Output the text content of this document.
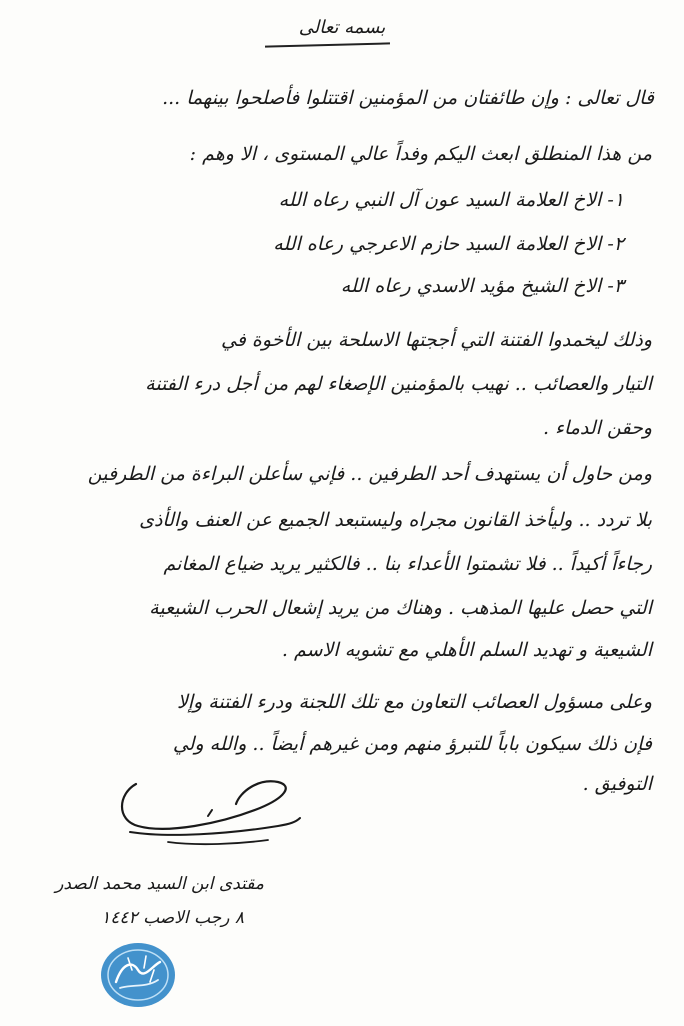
بسمه تعالى
قال تعالى : وإن طائفتان من المؤمنين اقتتلوا فأصلحوا بينهما ...
من هذا المنطلق ابعث اليكم وفداً عالي المستوى ، الا وهم :
١- الاخ العلامة السيد عون آل النبي رعاه الله
٢- الاخ العلامة السيد حازم الاعرجي رعاه الله
٣- الاخ الشيخ مؤيد الاسدي رعاه الله
وذلك ليخمدوا الفتنة التي أججتها الاسلحة بين الأخوة في
التيار والعصائب .. نهيب بالمؤمنين الإصغاء لهم من أجل درء الفتنة
وحقن الدماء .
ومن حاول أن يستهدف أحد الطرفين .. فإني سأعلن البراءة من الطرفين
بلا تردد .. وليأخذ القانون مجراه وليستبعد الجميع عن العنف والأذى
رجاءاً أكيداً .. فلا تشمتوا الأعداء بنا .. فالكثير يريد ضياع المغانم
التي حصل عليها المذهب . وهناك من يريد إشعال الحرب الشيعية
الشيعية و تهديد السلم الأهلي مع تشويه الاسم .
وعلى مسؤول العصائب التعاون مع تلك اللجنة ودرء الفتنة وإلا
فإن ذلك سيكون باباً للتبرؤ منهم ومن غيرهم أيضاً .. والله ولي
التوفيق .
مقتدى ابن السيد محمد الصدر
٨ رجب الاصب ١٤٤٢
